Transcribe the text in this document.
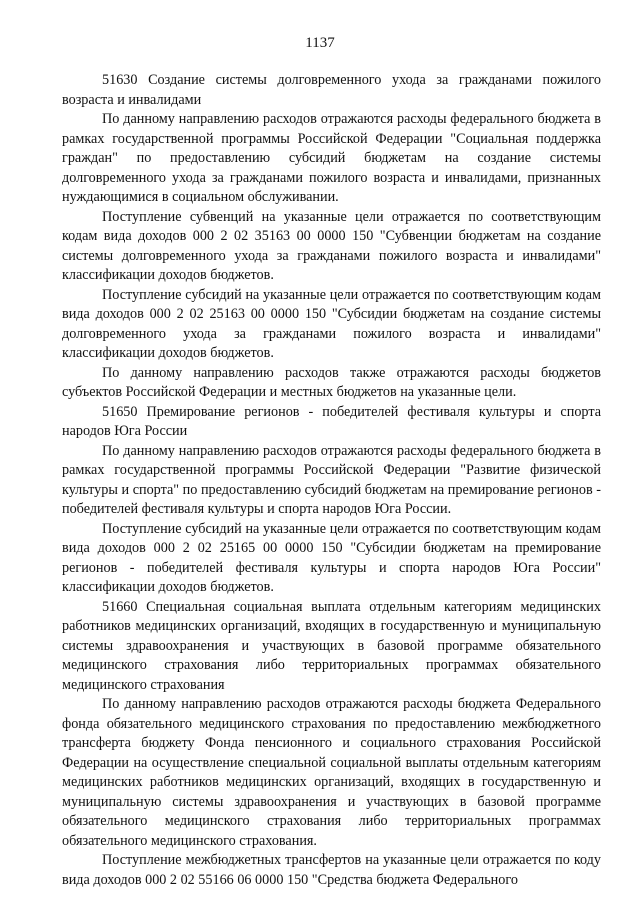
1137

51630 Создание системы долговременного ухода за гражданами пожилого возраста и инвалидами

По данному направлению расходов отражаются расходы федерального бюджета в рамках государственной программы Российской Федерации "Социальная поддержка граждан" по предоставлению субсидий бюджетам на создание системы долговременного ухода за гражданами пожилого возраста и инвалидами, признанных нуждающимися в социальном обслуживании.

Поступление субвенций на указанные цели отражается по соответствующим кодам вида доходов 000 2 02 35163 00 0000 150 "Субвенции бюджетам на создание системы долговременного ухода за гражданами пожилого возраста и инвалидами" классификации доходов бюджетов.

Поступление субсидий на указанные цели отражается по соответствующим кодам вида доходов 000 2 02 25163 00 0000 150 "Субсидии бюджетам на создание системы долговременного ухода за гражданами пожилого возраста и инвалидами" классификации доходов бюджетов.

По данному направлению расходов также отражаются расходы бюджетов субъектов Российской Федерации и местных бюджетов на указанные цели.

51650 Премирование регионов - победителей фестиваля культуры и спорта народов Юга России

По данному направлению расходов отражаются расходы федерального бюджета в рамках государственной программы Российской Федерации "Развитие физической культуры и спорта" по предоставлению субсидий бюджетам на премирование регионов - победителей фестиваля культуры и спорта народов Юга России.

Поступление субсидий на указанные цели отражается по соответствующим кодам вида доходов 000 2 02 25165 00 0000 150 "Субсидии бюджетам на премирование регионов - победителей фестиваля культуры и спорта народов Юга России" классификации доходов бюджетов.

51660 Специальная социальная выплата отдельным категориям медицинских работников медицинских организаций, входящих в государственную и муниципальную системы здравоохранения и участвующих в базовой программе обязательного медицинского страхования либо территориальных программах обязательного медицинского страхования

По данному направлению расходов отражаются расходы бюджета Федерального фонда обязательного медицинского страхования по предоставлению межбюджетного трансферта бюджету Фонда пенсионного и социального страхования Российской Федерации на осуществление специальной социальной выплаты отдельным категориям медицинских работников медицинских организаций, входящих в государственную и муниципальную системы здравоохранения и участвующих в базовой программе обязательного медицинского страхования либо территориальных программах обязательного медицинского страхования.

Поступление межбюджетных трансфертов на указанные цели отражается по коду вида доходов 000 2 02 55166 06 0000 150 "Средства бюджета Федерального
